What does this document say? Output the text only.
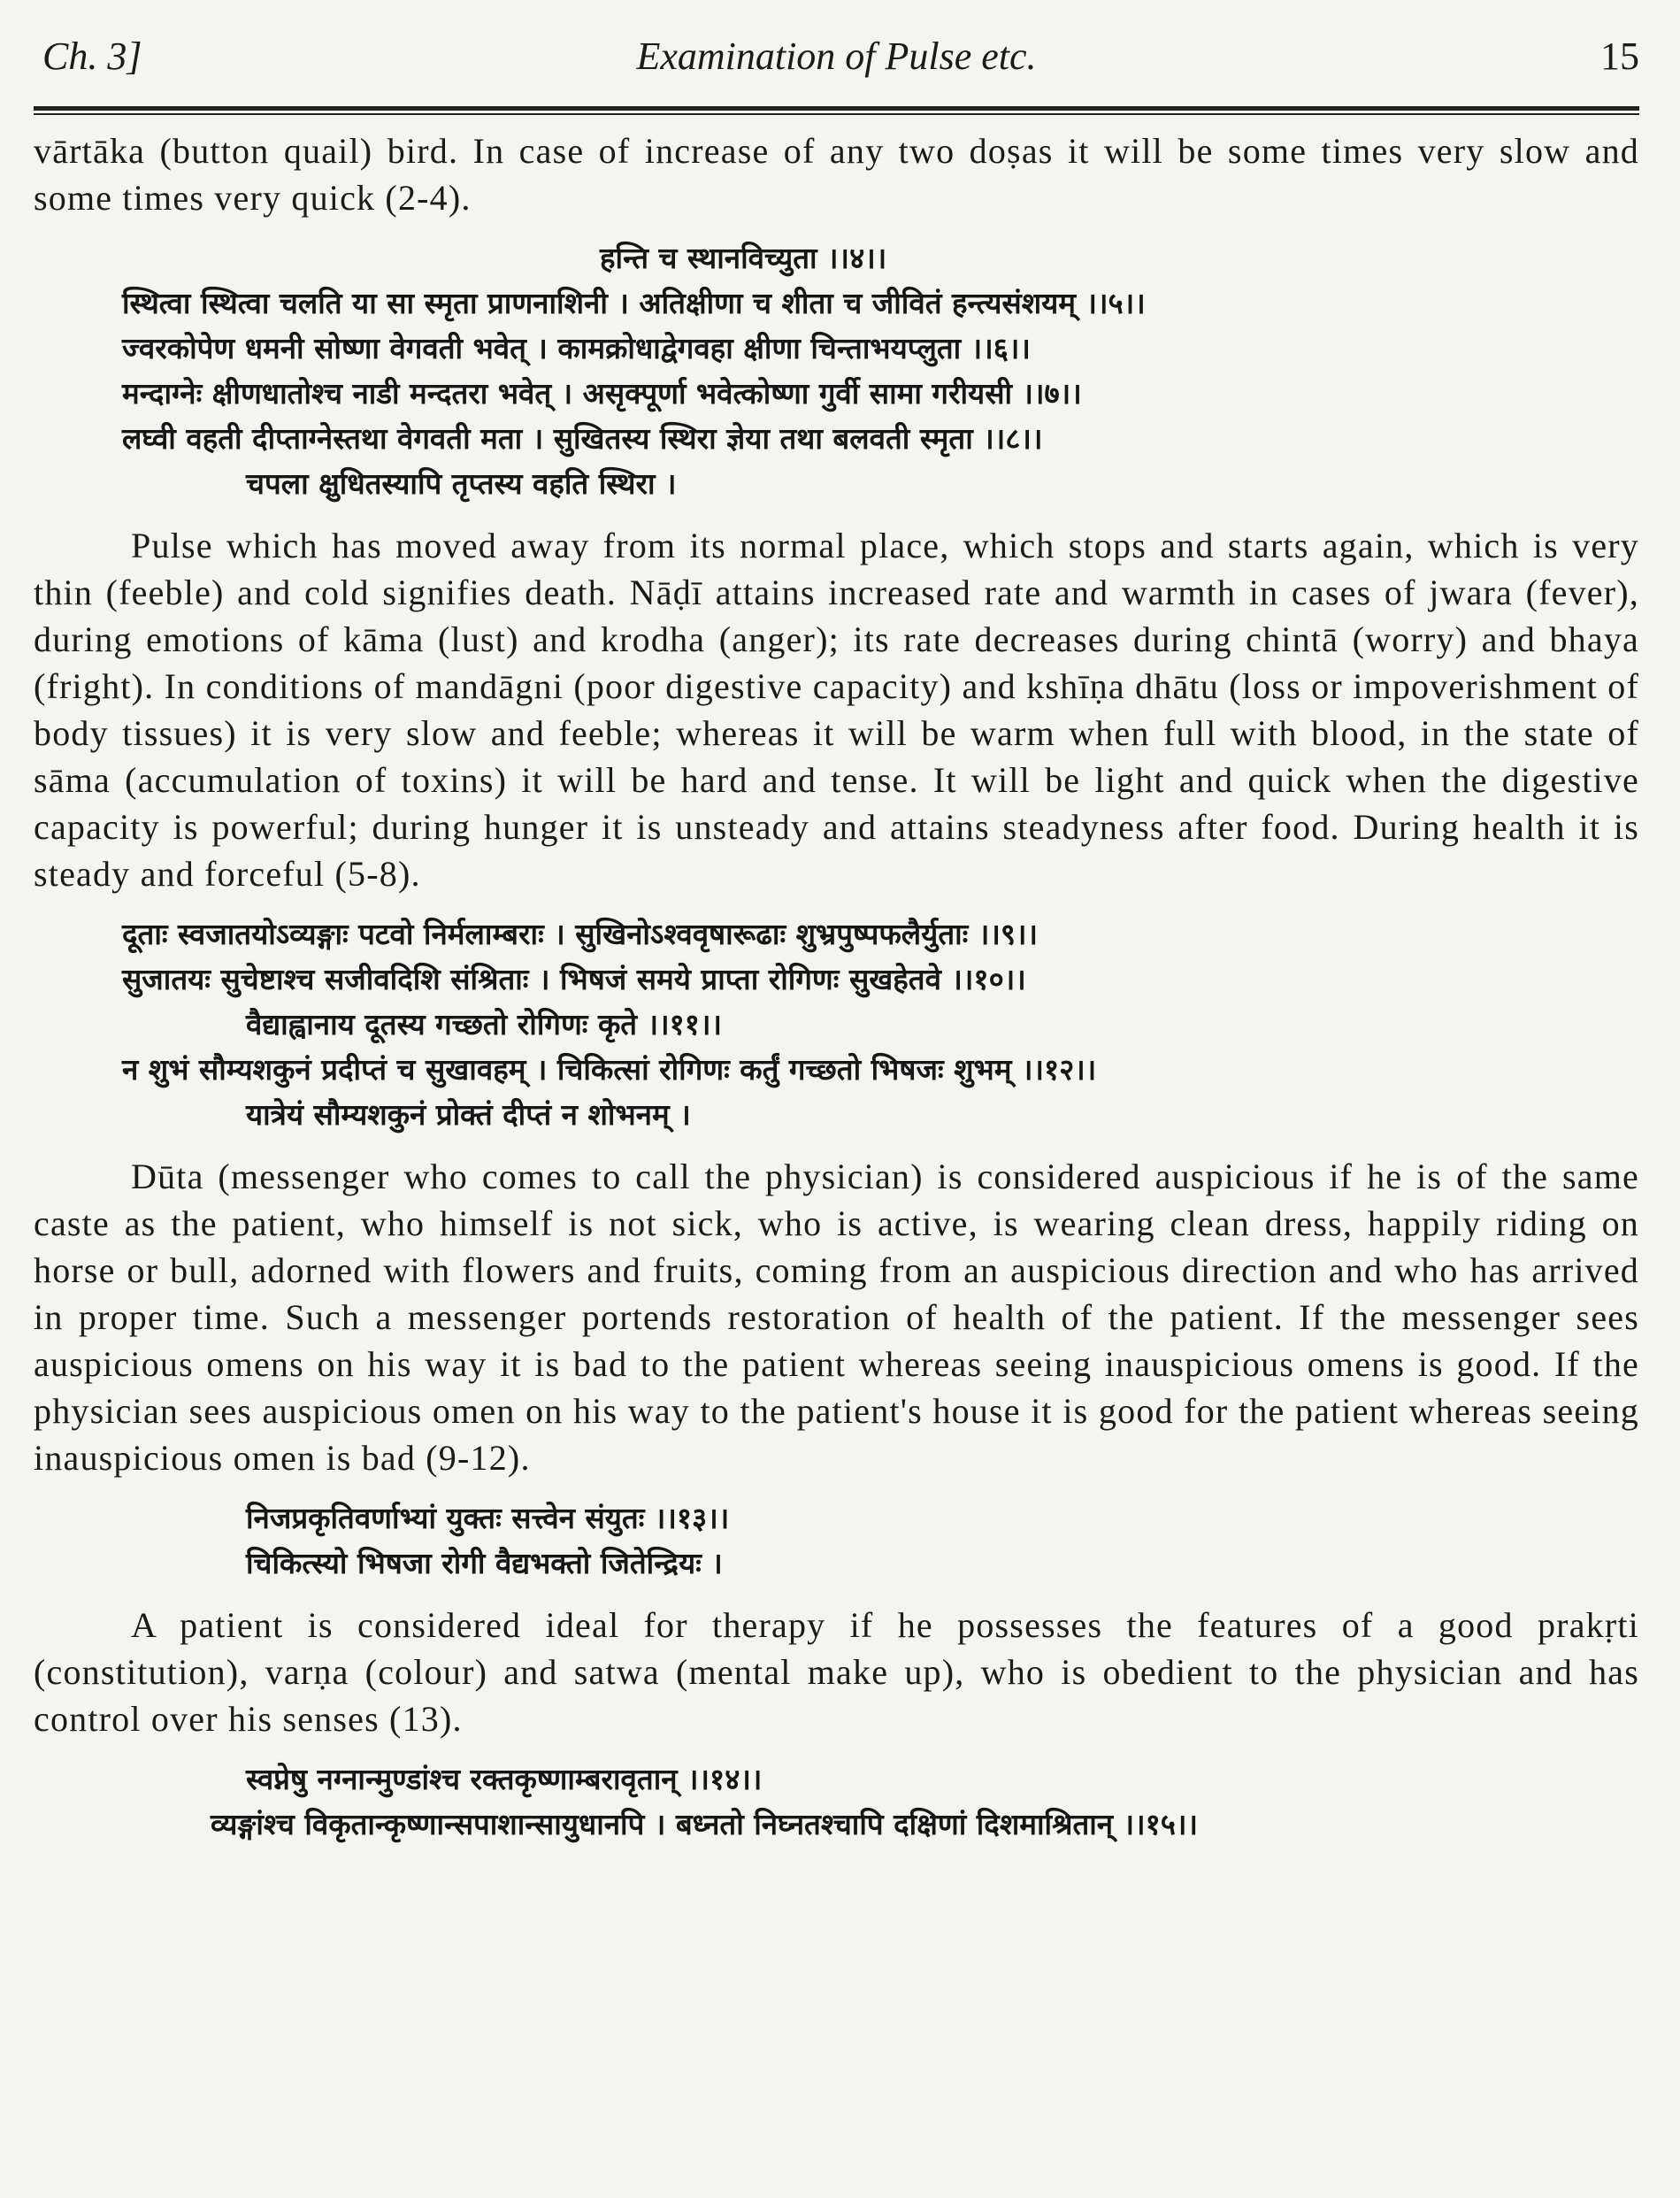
Ch. 3]	Examination of Pulse etc.	15

vārtāka (button quail) bird. In case of increase of any two doṣas it will be some times very slow and some times very quick (2-4).

हन्ति च स्थानविच्युता ।।४।।

स्थित्वा स्थित्वा चलति या सा स्मृता प्राणनाशिनी । अतिक्षीणा च शीता च जीवितं हन्त्यसंशयम् ।।५।।

ज्वरकोपेण धमनी सोष्णा वेगवती भवेत् । कामक्रोधाद्वेगवहा क्षीणा चिन्ताभयप्लुता ।।६।।

मन्दाग्नेः क्षीणधातोश्च नाडी मन्दतरा भवेत् । असृक्पूर्णा भवेत्कोष्णा गुर्वी सामा गरीयसी ।।७।।

लघ्वी वहती दीप्ताग्नेस्तथा वेगवती मता । सुखितस्य स्थिरा ज्ञेया तथा बलवती स्मृता ।।८।।

चपला क्षुधितस्यापि तृप्तस्य वहति स्थिरा ।

Pulse which has moved away from its normal place, which stops and starts again, which is very thin (feeble) and cold signifies death. Nāḍī attains increased rate and warmth in cases of jwara (fever), during emotions of kāma (lust) and krodha (anger); its rate decreases during chintā (worry) and bhaya (fright). In conditions of mandāgni (poor digestive capacity) and kshīṇa dhātu (loss or impoverishment of body tissues) it is very slow and feeble; whereas it will be warm when full with blood, in the state of sāma (accumulation of toxins) it will be hard and tense. It will be light and quick when the digestive capacity is powerful; during hunger it is unsteady and attains steadyness after food. During health it is steady and forceful (5-8).

दूताः स्वजातयोऽव्यङ्गाः पटवो निर्मलाम्बराः । सुखिनोऽश्ववृषारूढाः शुभ्रपुष्पफलैर्युताः ।।९।।

सुजातयः सुचेष्टाश्च सजीवदिशि संश्रिताः । भिषजं समये प्राप्ता रोगिणः सुखहेतवे ।।१०।।

वैद्याह्वानाय दूतस्य गच्छतो रोगिणः कृते ।।११।।

न शुभं सौम्यशकुनं प्रदीप्तं च सुखावहम् । चिकित्सां रोगिणः कर्तुं गच्छतो भिषजः शुभम् ।।१२।।

यात्रेयं सौम्यशकुनं प्रोक्तं दीप्तं न शोभनम् ।

Dūta (messenger who comes to call the physician) is considered auspicious if he is of the same caste as the patient, who himself is not sick, who is active, is wearing clean dress, happily riding on horse or bull, adorned with flowers and fruits, coming from an auspicious direction and who has arrived in proper time. Such a messenger portends restoration of health of the patient. If the messenger sees auspicious omens on his way it is bad to the patient whereas seeing inauspicious omens is good. If the physician sees auspicious omen on his way to the patient's house it is good for the patient whereas seeing inauspicious omen is bad (9-12).

निजप्रकृतिवर्णाभ्यां युक्तः सत्त्वेन संयुतः ।।१३।।

चिकित्स्यो भिषजा रोगी वैद्यभक्तो जितेन्द्रियः ।

A patient is considered ideal for therapy if he possesses the features of a good prakṛti (constitution), varṇa (colour) and satwa (mental make up), who is obedient to the physician and has control over his senses (13).

स्वप्नेषु नग्नान्मुण्डांश्च रक्तकृष्णाम्बरावृतान् ।।१४।।

व्यङ्गांश्च विकृतान्कृष्णान्सपाशान्सायुधानपि । बध्नतो निघ्नतश्चापि दक्षिणां दिशमाश्रितान् ।।१५।।
